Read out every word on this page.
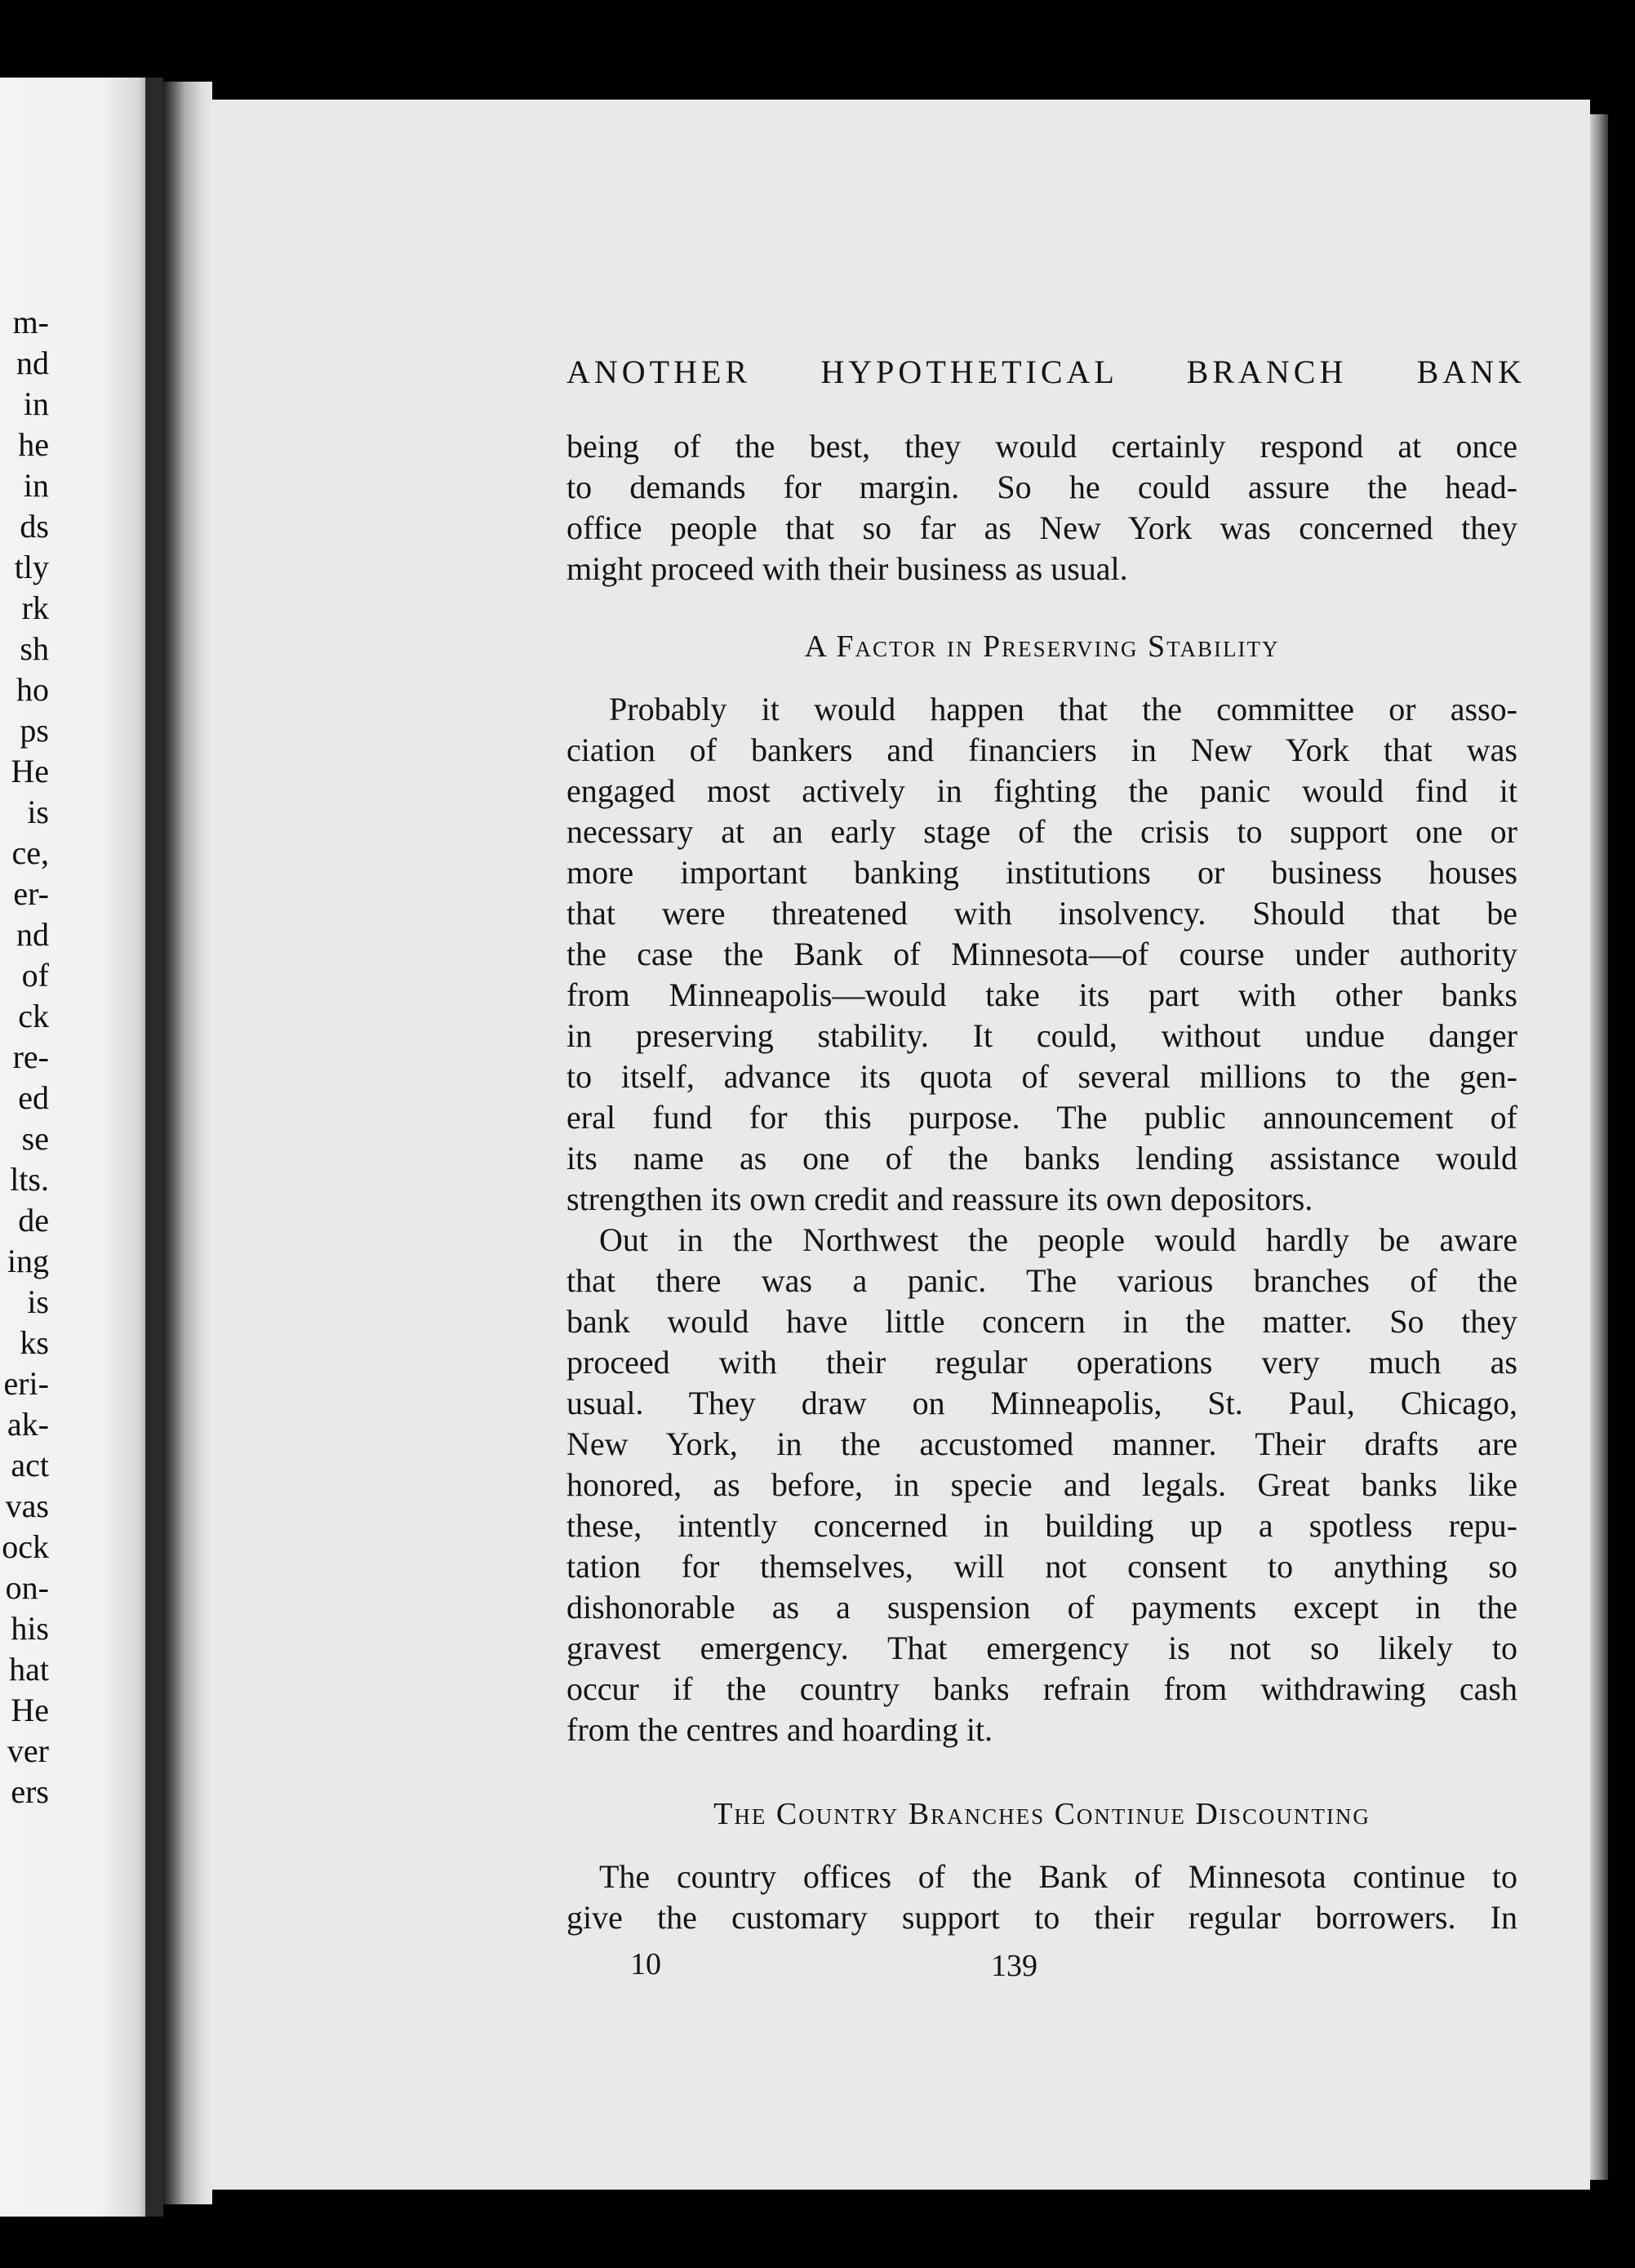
m-
nd
in
he
in
ds
tly
rk
sh
ho
ps
He
is
ce,
er-
nd
of
ck
re-
ed
se
lts.
de
ing
is
ks
eri-
ak-
act
vas
ock
on-
his
hat
He
ver
ers
ANOTHER HYPOTHETICAL BRANCH BANK
being of the best, they would certainly respond at once
to demands for margin. So he could assure the head-
office people that so far as New York was concerned they
might proceed with their business as usual.
A Factor in Preserving Stability
Probably it would happen that the committee or asso-
ciation of bankers and financiers in New York that was
engaged most actively in fighting the panic would find it
necessary at an early stage of the crisis to support one or
more important banking institutions or business houses
that were threatened with insolvency. Should that be
the case the Bank of Minnesota—of course under authority
from Minneapolis—would take its part with other banks
in preserving stability. It could, without undue danger
to itself, advance its quota of several millions to the gen-
eral fund for this purpose. The public announcement of
its name as one of the banks lending assistance would
strengthen its own credit and reassure its own depositors.
Out in the Northwest the people would hardly be aware
that there was a panic. The various branches of the
bank would have little concern in the matter. So they
proceed with their regular operations very much as
usual. They draw on Minneapolis, St. Paul, Chicago,
New York, in the accustomed manner. Their drafts are
honored, as before, in specie and legals. Great banks like
these, intently concerned in building up a spotless repu-
tation for themselves, will not consent to anything so
dishonorable as a suspension of payments except in the
gravest emergency. That emergency is not so likely to
occur if the country banks refrain from withdrawing cash
from the centres and hoarding it.
The Country Branches Continue Discounting
The country offices of the Bank of Minnesota continue to
give the customary support to their regular borrowers. In
10	139
